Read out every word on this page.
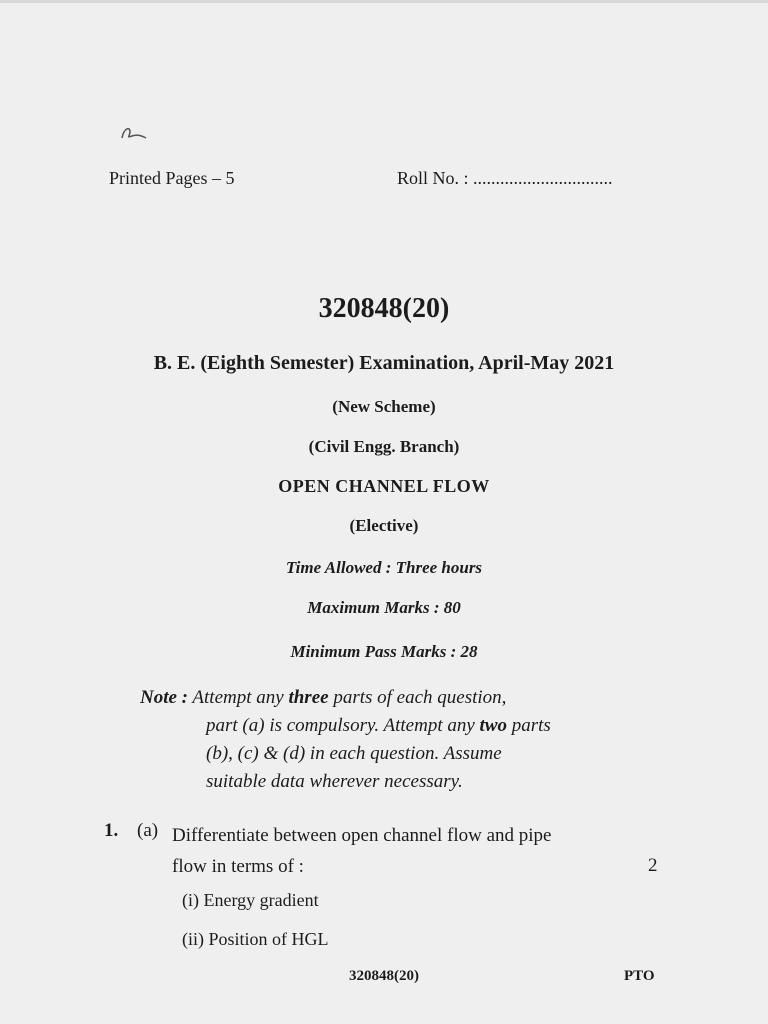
Printed Pages – 5	Roll No. : ...............................
320848(20)
B. E. (Eighth Semester) Examination, April-May 2021
(New Scheme)
(Civil Engg. Branch)
OPEN CHANNEL FLOW
(Elective)
Time Allowed : Three hours
Maximum Marks : 80
Minimum Pass Marks : 28
Note : Attempt any three parts of each question,
part (a) is compulsory. Attempt any two parts
(b), (c) & (d) in each question. Assume
suitable data wherever necessary.
1. (a) Differentiate between open channel flow and pipe
flow in terms of :	2
(i) Energy gradient
(ii) Position of HGL
320848(20)	PTO
